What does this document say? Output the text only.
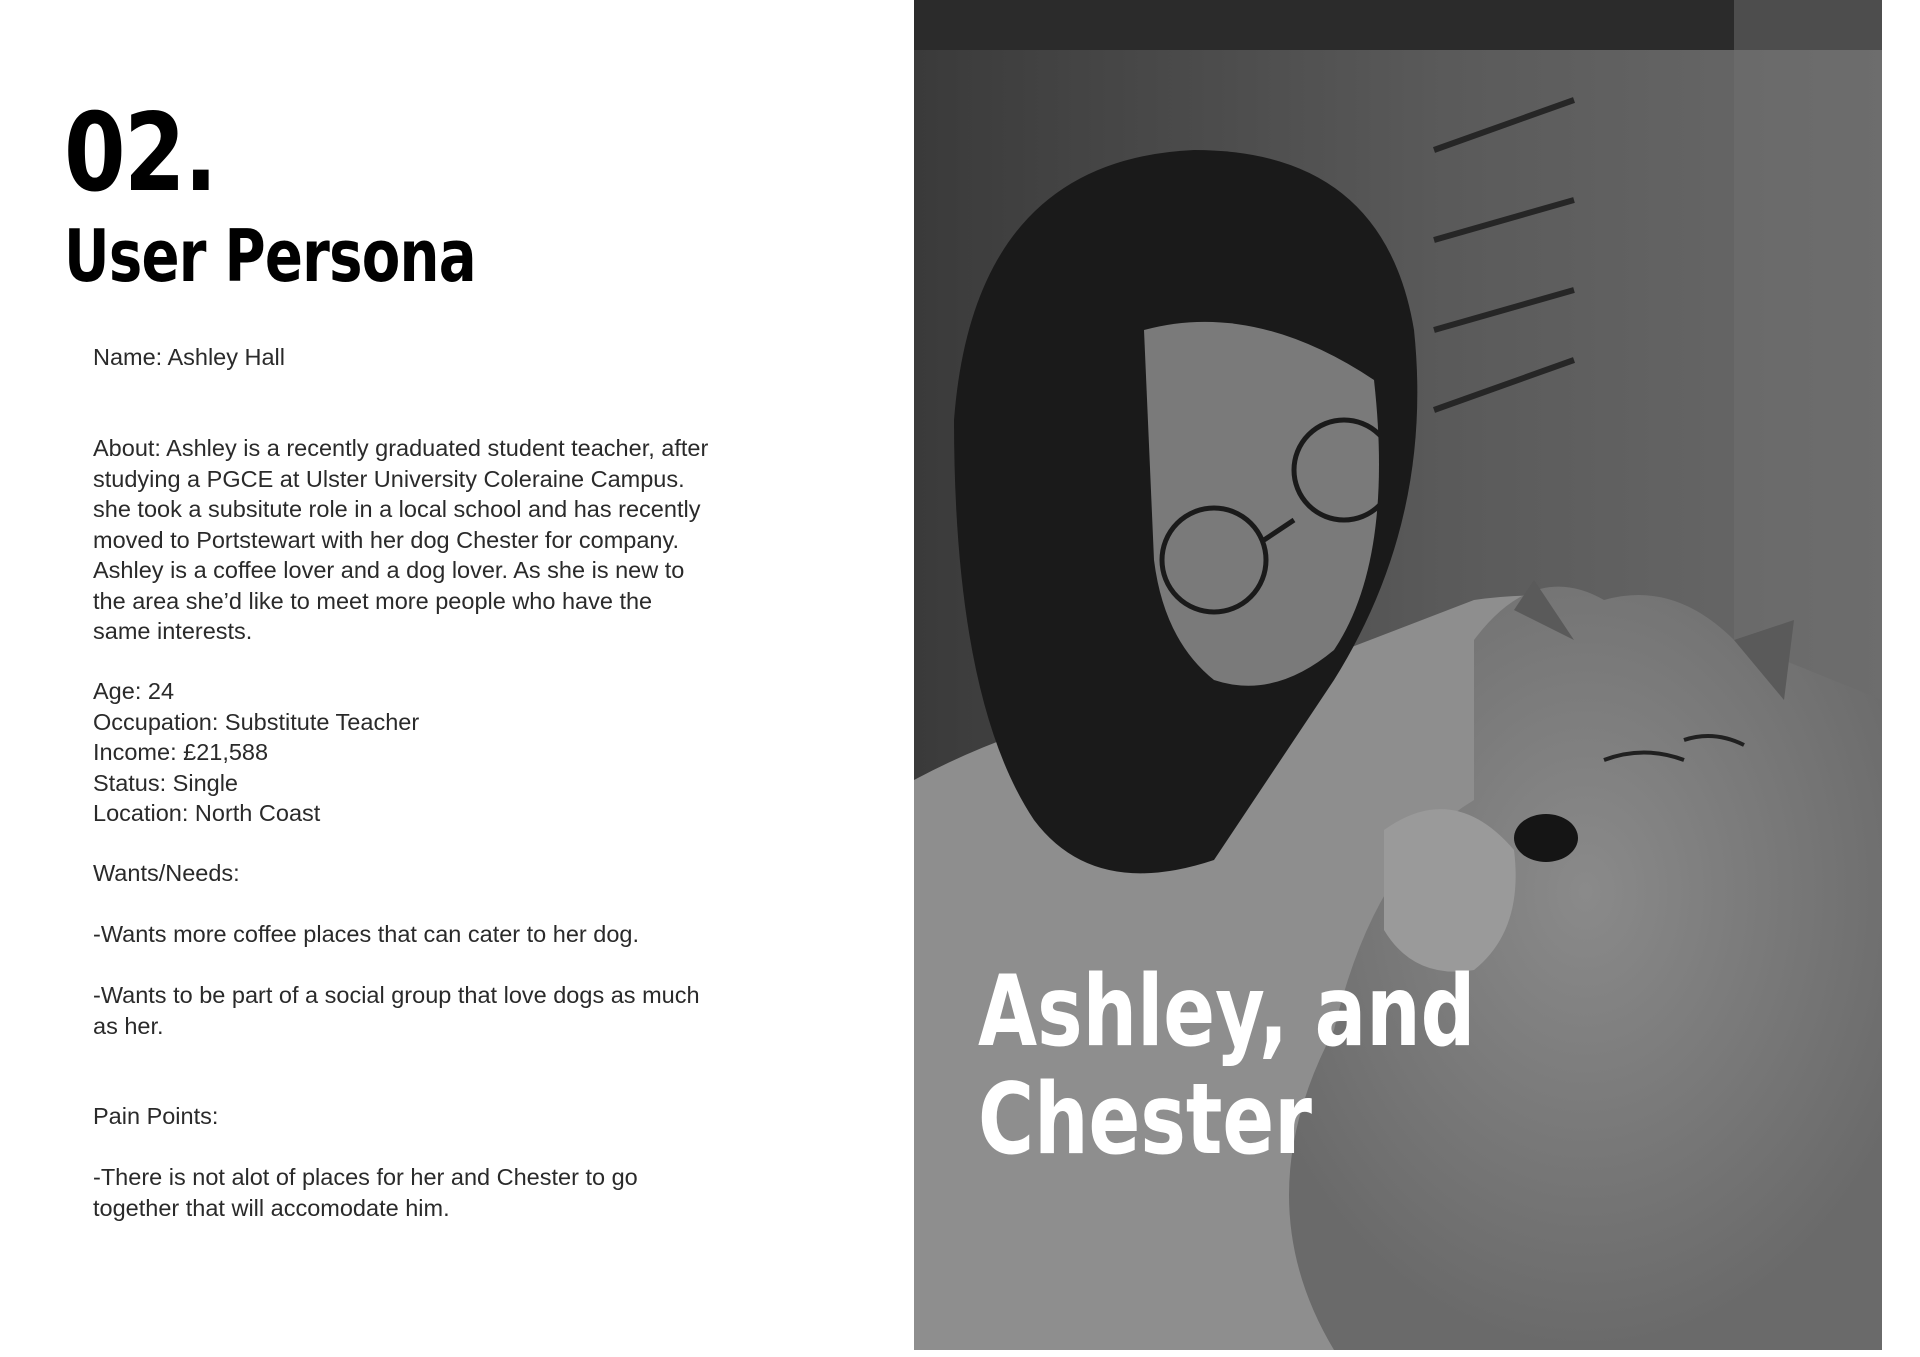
02.
User Persona
Name: Ashley Hall
About: Ashley is a recently graduated student teacher, after
studying a PGCE at Ulster University Coleraine Campus.
she took a subsitute role in a local school and has recently
moved to Portstewart with her dog Chester for company.
Ashley is a coffee lover and a dog lover. As she is new to
the area she’d like to meet more people who have the
same interests.
Age: 24
Occupation: Substitute Teacher
Income: £21,588
Status: Single
Location: North Coast
Wants/Needs:
-Wants more coffee places that can cater to her dog.
-Wants to be part of a social group that love dogs as much
as her.
Pain Points:
-There is not alot of places for her and Chester to go
together that will accomodate him.
Ashley, and
Chester
